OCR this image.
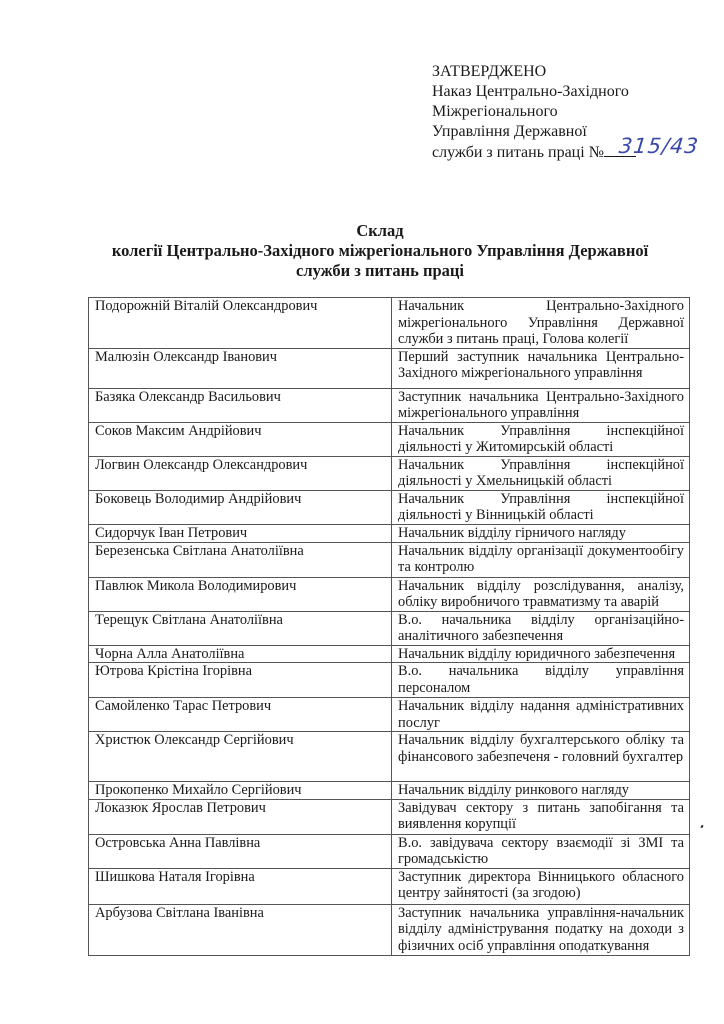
ЗАТВЕРДЖЕНО
Наказ Центрально-Західного
Міжрегіонального
Управління Державної
служби з питань праці № 315/43
Склад
колегії Центрально-Західного міжрегіонального Управління Державної
служби з питань праці
Подорожній Віталій Олександрович	Начальник Центрально-Західного міжрегіонального Управління Державної служби з питань праці, Голова колегії
Малюзін Олександр Іванович	Перший заступник начальника Центрально-Західного міжрегіонального управління
Базяка Олександр Васильович	Заступник начальника Центрально-Західного міжрегіонального управління
Соков Максим Андрійович	Начальник Управління інспекційної діяльності у Житомирській області
Логвин Олександр Олександрович	Начальник Управління інспекційної діяльності у Хмельницькій області
Боковець Володимир Андрійович	Начальник Управління інспекційної діяльності у Вінницькій області
Сидорчук Іван Петрович	Начальник відділу гірничого нагляду
Березенська Світлана Анатоліївна	Начальник відділу організації документообігу та контролю
Павлюк Микола Володимирович	Начальник відділу розслідування, аналізу, обліку виробничого травматизму та аварій
Терещук Світлана Анатоліївна	В.о. начальника відділу організаційно-аналітичного забезпечення
Чорна Алла Анатоліївна	Начальник відділу юридичного забезпечення
Ютрова Крістіна Ігорівна	В.о. начальника відділу управління персоналом
Самойленко Тарас Петрович	Начальник відділу надання адміністративних послуг
Христюк Олександр Сергійович	Начальник відділу бухгалтерського обліку та фінансового забезпеченя - головний бухгалтер
Прокопенко Михайло Сергійович	Начальник відділу ринкового нагляду
Локазюк Ярослав Петрович	Завідувач сектору з питань запобігання та виявлення корупції
Островська Анна Павлівна	В.о. завідувача сектору взаємодії зі ЗМІ та громадськістю
Шишкова Наталя Ігорівна	Заступник директора Вінницького обласного центру зайнятості (за згодою)
Арбузова Світлана Іванівна	Заступник начальника управління-начальник відділу адміністрування податку на доходи з фізичних осіб управління оподаткування
